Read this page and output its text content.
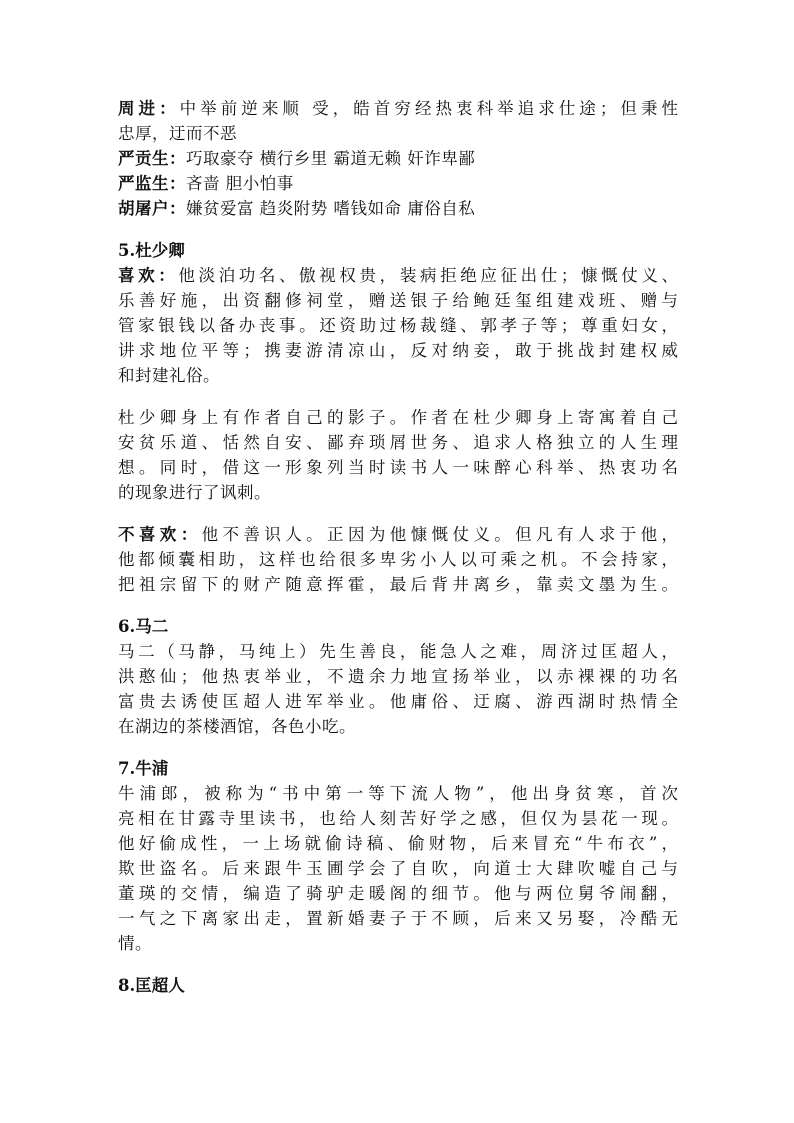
周进：中举前逆来顺 受，皓首穷经热衷科举追求仕途；但秉性
忠厚，迂而不恶
严贡生：巧取豪夺 横行乡里 霸道无赖 奸诈卑鄙
严监生：吝啬 胆小怕事
胡屠户：嫌贫爱富 趋炎附势 嗜钱如命 庸俗自私
5.杜少卿
喜欢：他淡泊功名、傲视权贵，装病拒绝应征出仕；慷慨仗义、
乐善好施，出资翻修祠堂，赠送银子给鲍廷玺组建戏班、赠与
管家银钱以备办丧事。还资助过杨裁缝、郭孝子等；尊重妇女，
讲求地位平等；携妻游清凉山，反对纳妾，敢于挑战封建权威
和封建礼俗。
杜少卿身上有作者自己的影子。作者在杜少卿身上寄寓着自己
安贫乐道、恬然自安、鄙弃琐屑世务、追求人格独立的人生理
想。同时，借这一形象列当时读书人一味醉心科举、热衷功名
的现象进行了讽刺。
不喜欢：他不善识人。正因为他慷慨仗义。但凡有人求于他，
他都倾囊相助，这样也给很多卑劣小人以可乘之机。不会持家，
把祖宗留下的财产随意挥霍，最后背井离乡，靠卖文墨为生。
6.马二
马二（马静，马纯上）先生善良，能急人之难，周济过匡超人，
洪憨仙；他热衷举业，不遗余力地宣扬举业，以赤裸裸的功名
富贵去诱使匡超人进军举业。他庸俗、迂腐、游西湖时热情全
在湖边的茶楼酒馆，各色小吃。
7.牛浦
牛浦郎，被称为“书中第一等下流人物”，他出身贫寒，首次
亮相在甘露寺里读书，也给人刻苦好学之感，但仅为昙花一现。
他好偷成性，一上场就偷诗稿、偷财物，后来冒充“牛布衣”，
欺世盗名。后来跟牛玉圃学会了自吹，向道士大肆吹嘘自己与
董瑛的交情，编造了骑驴走暖阁的细节。他与两位舅爷闹翻，
一气之下离家出走，置新婚妻子于不顾，后来又另娶，冷酷无
情。
8.匡超人
